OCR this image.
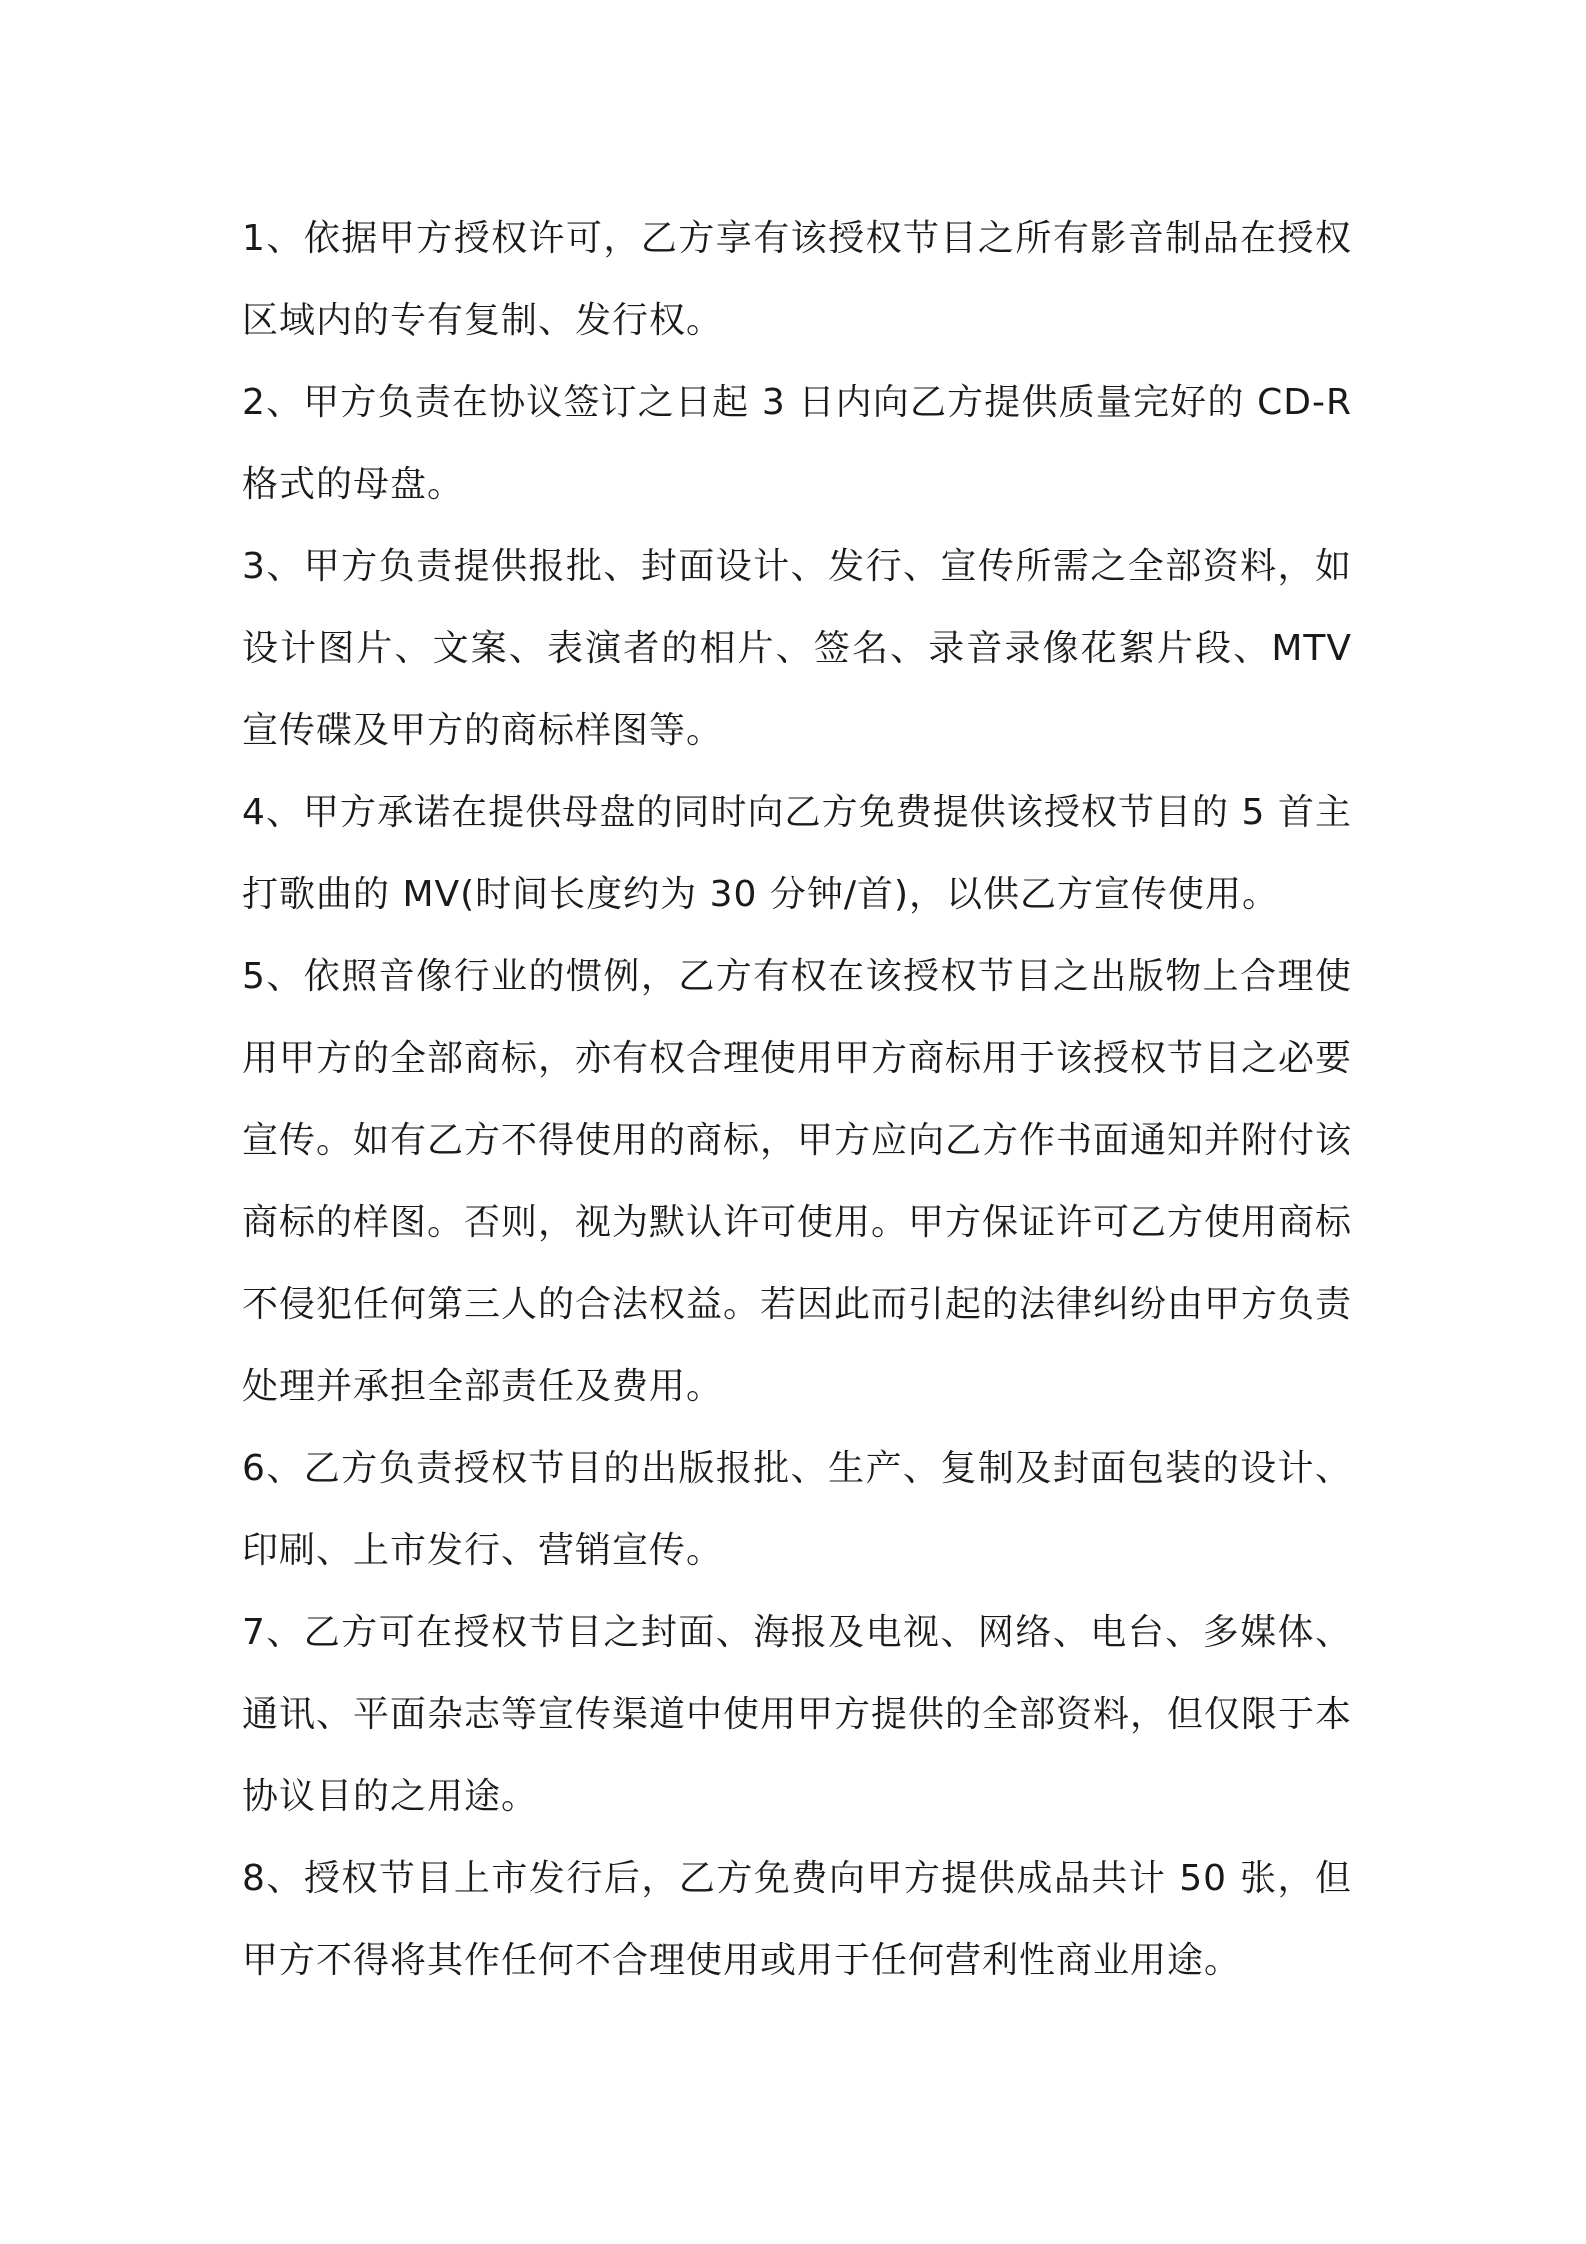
1、依据甲方授权许可，乙方享有该授权节目之所有影音制品在授权区域内的专有复制、发行权。

2、甲方负责在协议签订之日起 3 日内向乙方提供质量完好的 CD-R 格式的母盘。

3、甲方负责提供报批、封面设计、发行、宣传所需之全部资料，如设计图片、文案、表演者的相片、签名、录音录像花絮片段、MTV 宣传碟及甲方的商标样图等。

4、甲方承诺在提供母盘的同时向乙方免费提供该授权节目的 5 首主打歌曲的 MV(时间长度约为 30 分钟/首)，以供乙方宣传使用。

5、依照音像行业的惯例，乙方有权在该授权节目之出版物上合理使用甲方的全部商标，亦有权合理使用甲方商标用于该授权节目之必要宣传。如有乙方不得使用的商标，甲方应向乙方作书面通知并附付该商标的样图。否则，视为默认许可使用。甲方保证许可乙方使用商标不侵犯任何第三人的合法权益。若因此而引起的法律纠纷由甲方负责处理并承担全部责任及费用。

6、乙方负责授权节目的出版报批、生产、复制及封面包装的设计、印刷、上市发行、营销宣传。

7、乙方可在授权节目之封面、海报及电视、网络、电台、多媒体、通讯、平面杂志等宣传渠道中使用甲方提供的全部资料，但仅限于本协议目的之用途。

8、授权节目上市发行后，乙方免费向甲方提供成品共计 50 张，但甲方不得将其作任何不合理使用或用于任何营利性商业用途。
